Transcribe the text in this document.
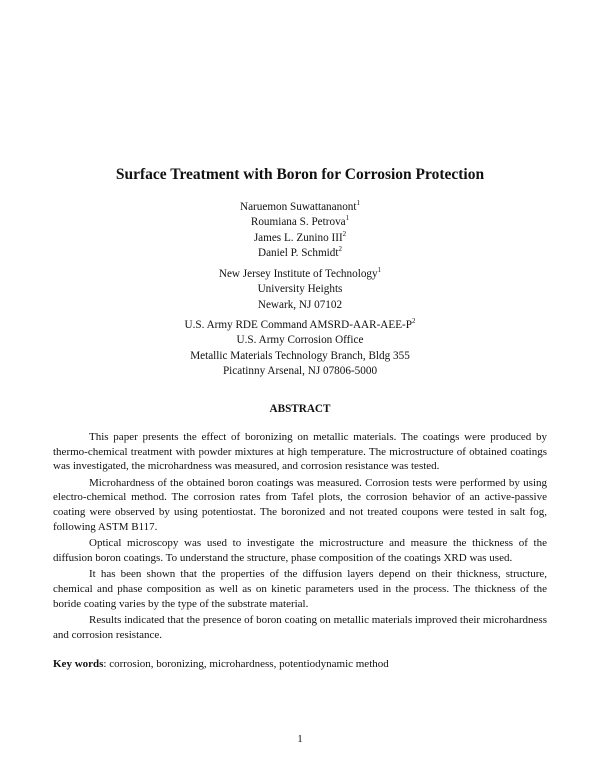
Surface Treatment with Boron for Corrosion Protection
Naruemon Suwattananont$^1$
Roumiana S. Petrova$^1$
James L. Zunino III$^2$
Daniel P. Schmidt$^2$
New Jersey Institute of Technology$^1$
University Heights
Newark, NJ 07102
U.S. Army RDE Command AMSRD-$AAR-AEE-P^2$
U.S. Army Corrosion Office
Metallic Materials Technology Branch, Bldg 355
Picatinny Arsenal, NJ 07806-5000
ABSTRACT

This paper presents the effect of boronizing on metallic materials. The coatings were produced by thermo-chemical treatment with powder mixtures at high temperature. The microstructure of obtained coatings was investigated, the microhardness was measured, and corrosion resistance was tested.

Microhardness of the obtained boron coatings was measured. Corrosion tests were performed by using electro-chemical method. The corrosion rates from Tafel plots, the corrosion behavior of an active-passive coating were observed by using potentiostat. The boronized and not treated coupons were tested in salt fog, following ASTM B117.

Optical microscopy was used to investigate the microstructure and measure the thickness of the diffusion boron coatings. To understand the structure, phase composition of the coatings XRD was used.

It has been shown that the properties of the diffusion layers depend on their thickness, structure, chemical and phase composition as well as on kinetic parameters used in the process. The thickness of the boride coating varies by the type of the substrate material.

Results indicated that the presence of boron coating on metallic materials improved their microhardness and corrosion resistance.

Key words: corrosion, boronizing, microhardness, potentiodynamic method
1
